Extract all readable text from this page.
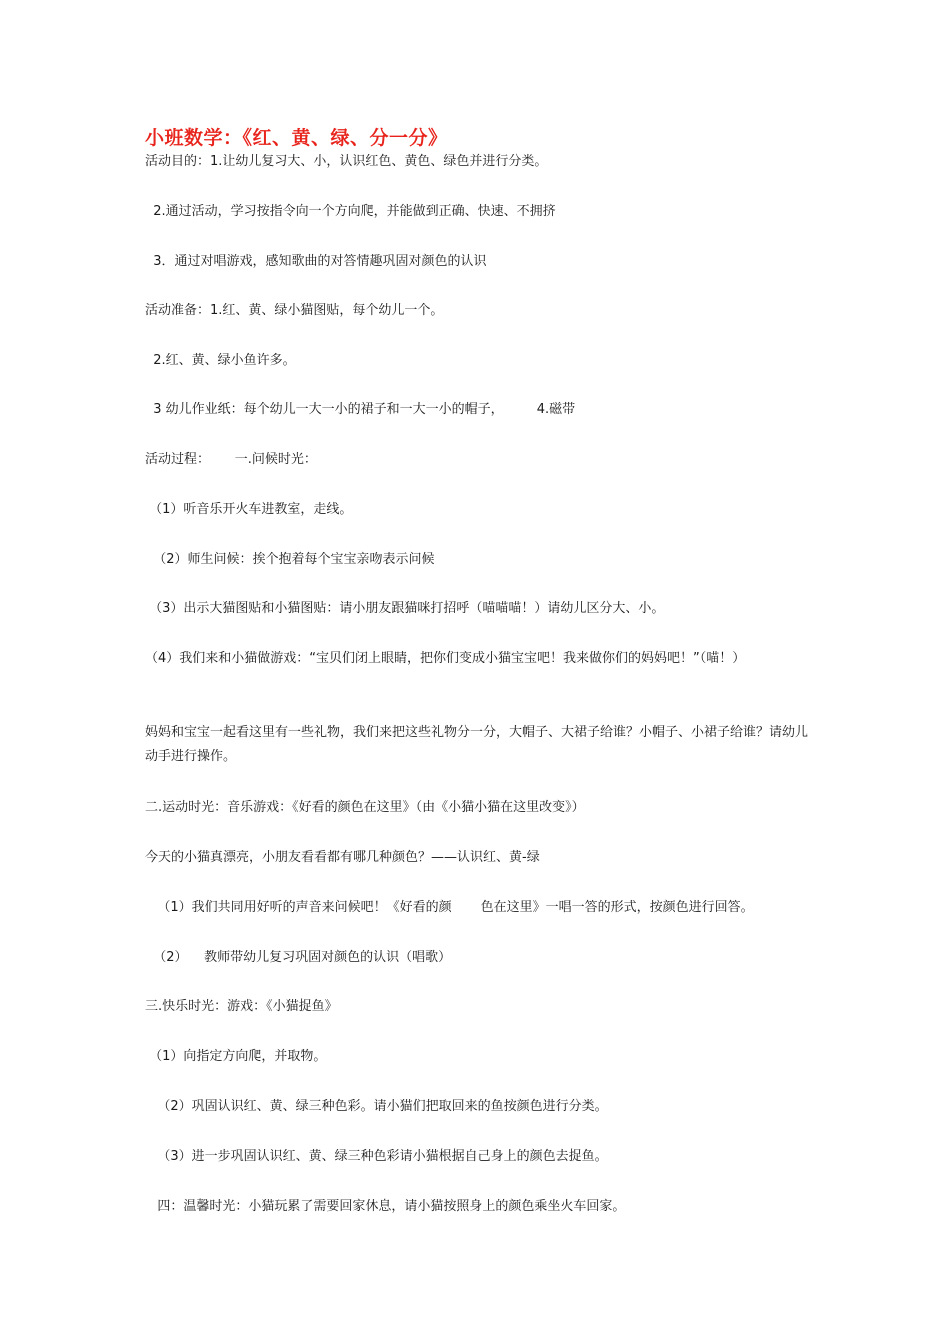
小班数学：《红、黄、绿、分一分》
活动目的：1.让幼儿复习大、小，认识红色、黄色、绿色并进行分类。
2.通过活动，学习按指令向一个方向爬，并能做到正确、快速、不拥挤
3．通过对唱游戏，感知歌曲的对答情趣巩固对颜色的认识
活动准备：1.红、黄、绿小猫图贴，每个幼儿一个。
2.红、黄、绿小鱼许多。
3 幼儿作业纸：每个幼儿一大一小的裙子和一大一小的帽子，        4.磁带
活动过程：      一.问候时光：
（1）听音乐开火车进教室，走线。
（2）师生问候：挨个抱着每个宝宝亲吻表示问候
（3）出示大猫图贴和小猫图贴：请小朋友跟猫咪打招呼（喵喵喵！）请幼儿区分大、小。
（4）我们来和小猫做游戏：“宝贝们闭上眼睛，把你们变成小猫宝宝吧！我来做你们的妈妈吧！”（喵！）
妈妈和宝宝一起看这里有一些礼物，我们来把这些礼物分一分，大帽子、大裙子给谁？小帽子、小裙子给谁？请幼儿动手进行操作。
二.运动时光：音乐游戏：《好看的颜色在这里》（由《小猫小猫在这里改变》）
今天的小猫真漂亮，小朋友看看都有哪几种颜色？——认识红、黄-绿
（1）我们共同用好听的声音来问候吧！《好看的颜       色在这里》一唱一答的形式，按颜色进行回答。
（2）    教师带幼儿复习巩固对颜色的认识（唱歌）
三.快乐时光：游戏：《小猫捉鱼》
（1）向指定方向爬，并取物。
（2）巩固认识红、黄、绿三种色彩。请小猫们把取回来的鱼按颜色进行分类。
（3）进一步巩固认识红、黄、绿三种色彩请小猫根据自己身上的颜色去捉鱼。
四：温馨时光：小猫玩累了需要回家休息，请小猫按照身上的颜色乘坐火车回家。
